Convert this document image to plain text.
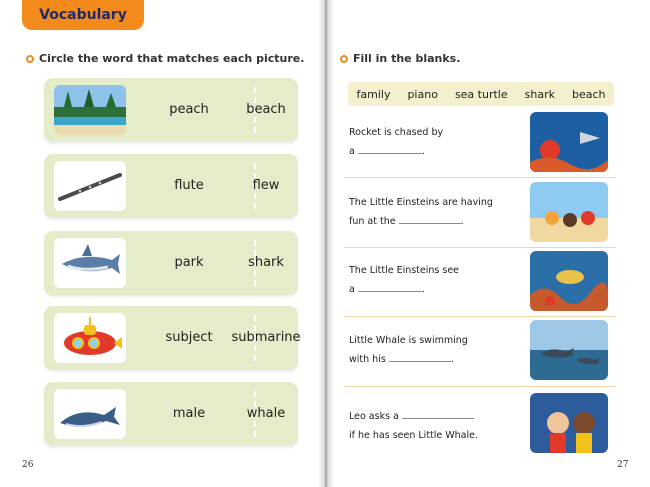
Vocabulary
Circle the word that matches each picture.
peach	beach
flute	flew
park	shark
subject	submarine
male	whale
26
Fill in the blanks.
family piano sea turtle shark beach
Rocket is chased by
a	.
The Little Einsteins are having
fun at the	.
The Little Einsteins see
a	.
Little Whale is swimming
with his	.
Leo asks a
if he has seen Little Whale.
27
